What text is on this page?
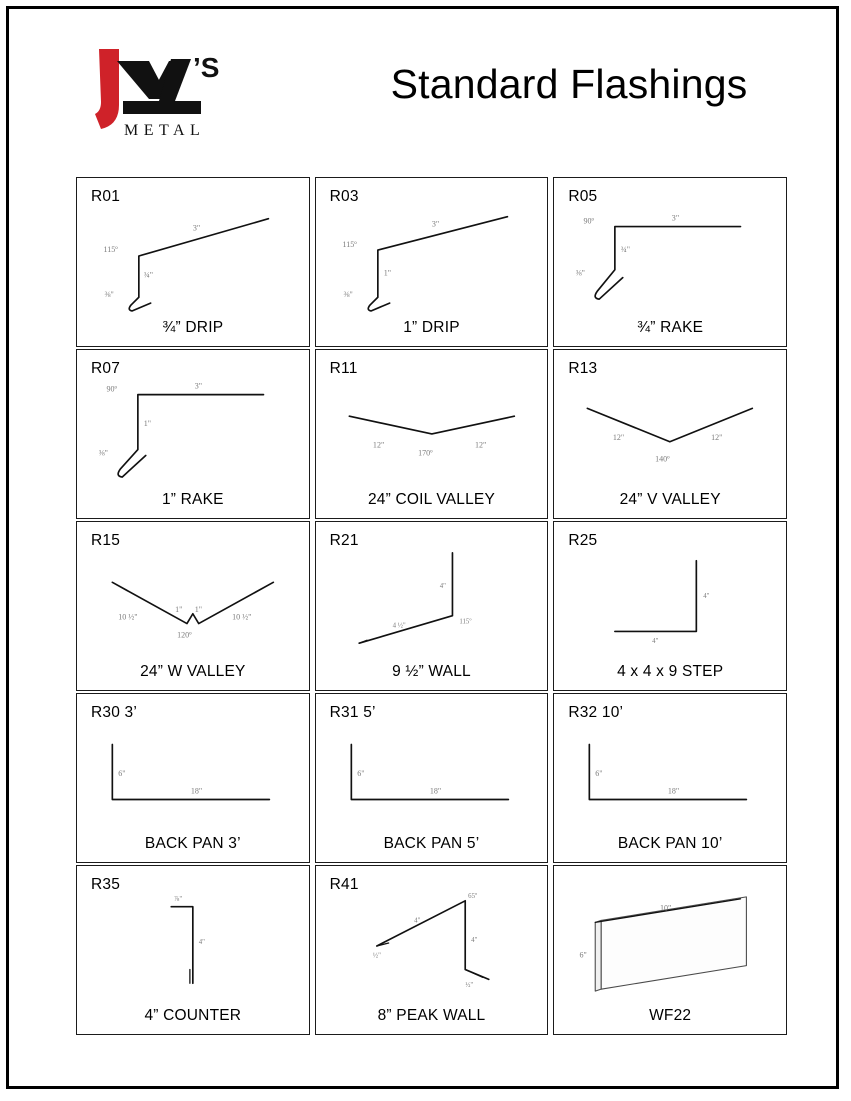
’S
METAL
Standard Flashings
R01
3"
115º
¾"
⅜"
¾” DRIP
R03
3"
115º
1"
⅜"
1” DRIP
R05
3"
90º
¾"
⅜"
¾” RAKE
R07
3"
90º
1"
⅜"
1” RAKE
R11
12"	12"
170º
24” COIL VALLEY
R13
12"	12"
140º
24” V VALLEY
R15
10 ½"
1" 1"
10 ½"
120º
24” W VALLEY
R21
4"
4 ½"
115º
9 ½” WALL
R25
4"
4"
4 x 4 x 9 STEP
R30 3’
6"
18"
BACK PAN 3’
R31 5’
6"
18"
BACK PAN 5’
R32 10’
6"
18"
BACK PAN 10’
R35
⅞"
4"
4” COUNTER
R41
4"
65º
4"
½"
½"
8” PEAK WALL
10"
6"
WF22
